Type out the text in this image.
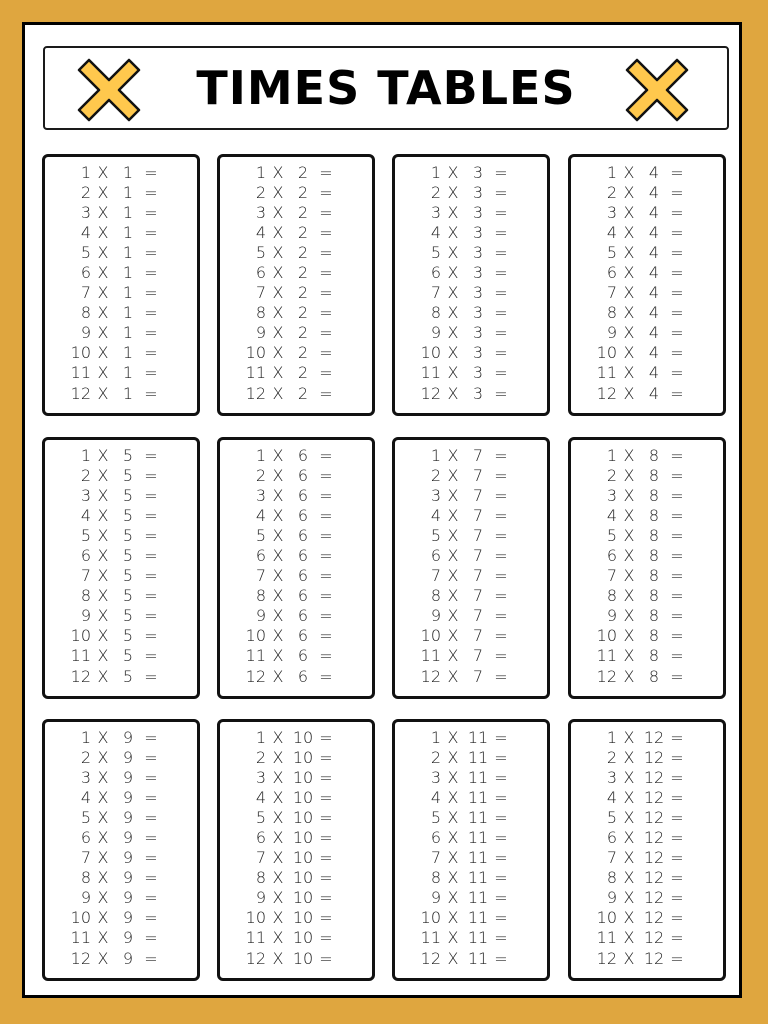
TIMES TABLES
1 X 1 =
2 X 1 =
3 X 1 =
4 X 1 =
5 X 1 =
6 X 1 =
7 X 1 =
8 X 1 =
9 X 1 =
10 X 1 =
11 X 1 =
12 X 1 =
1 X 2 =
2 X 2 =
3 X 2 =
4 X 2 =
5 X 2 =
6 X 2 =
7 X 2 =
8 X 2 =
9 X 2 =
10 X 2 =
11 X 2 =
12 X 2 =
1 X 3 =
2 X 3 =
3 X 3 =
4 X 3 =
5 X 3 =
6 X 3 =
7 X 3 =
8 X 3 =
9 X 3 =
10 X 3 =
11 X 3 =
12 X 3 =
1 X 4 =
2 X 4 =
3 X 4 =
4 X 4 =
5 X 4 =
6 X 4 =
7 X 4 =
8 X 4 =
9 X 4 =
10 X 4 =
11 X 4 =
12 X 4 =
1 X 5 =
2 X 5 =
3 X 5 =
4 X 5 =
5 X 5 =
6 X 5 =
7 X 5 =
8 X 5 =
9 X 5 =
10 X 5 =
11 X 5 =
12 X 5 =
1 X 6 =
2 X 6 =
3 X 6 =
4 X 6 =
5 X 6 =
6 X 6 =
7 X 6 =
8 X 6 =
9 X 6 =
10 X 6 =
11 X 6 =
12 X 6 =
1 X 7 =
2 X 7 =
3 X 7 =
4 X 7 =
5 X 7 =
6 X 7 =
7 X 7 =
8 X 7 =
9 X 7 =
10 X 7 =
11 X 7 =
12 X 7 =
1 X 8 =
2 X 8 =
3 X 8 =
4 X 8 =
5 X 8 =
6 X 8 =
7 X 8 =
8 X 8 =
9 X 8 =
10 X 8 =
11 X 8 =
12 X 8 =
1 X 9 =
2 X 9 =
3 X 9 =
4 X 9 =
5 X 9 =
6 X 9 =
7 X 9 =
8 X 9 =
9 X 9 =
10 X 9 =
11 X 9 =
12 X 9 =
1 X 10 =
2 X 10 =
3 X 10 =
4 X 10 =
5 X 10 =
6 X 10 =
7 X 10 =
8 X 10 =
9 X 10 =
10 X 10 =
11 X 10 =
12 X 10 =
1 X 11 =
2 X 11 =
3 X 11 =
4 X 11 =
5 X 11 =
6 X 11 =
7 X 11 =
8 X 11 =
9 X 11 =
10 X 11 =
11 X 11 =
12 X 11 =
1 X 12 =
2 X 12 =
3 X 12 =
4 X 12 =
5 X 12 =
6 X 12 =
7 X 12 =
8 X 12 =
9 X 12 =
10 X 12 =
11 X 12 =
12 X 12 =
